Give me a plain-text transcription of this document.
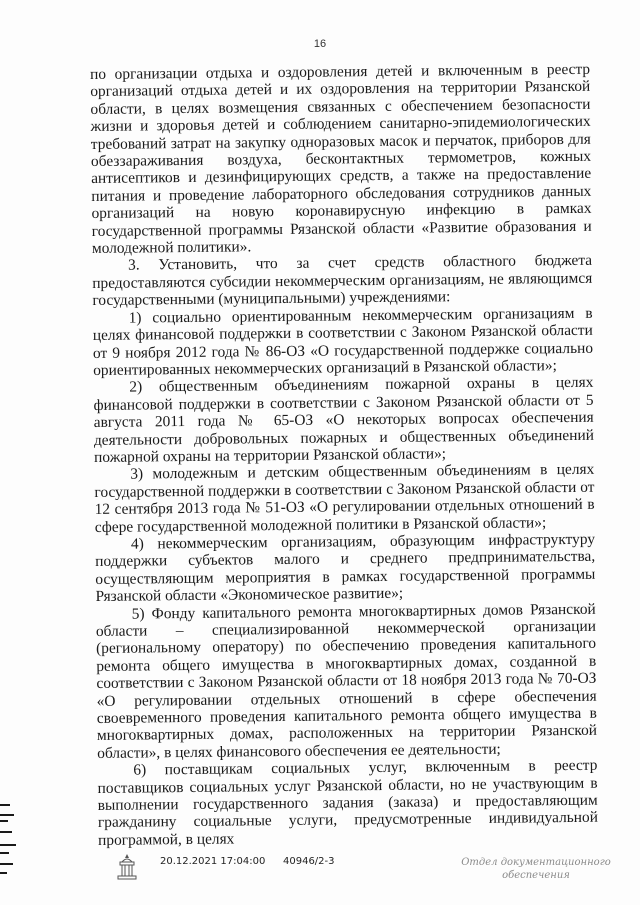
16

по организации отдыха и оздоровления детей и включенным в реестр организаций отдыха детей и их оздоровления на территории Рязанской области, в целях возмещения связанных с обеспечением безопасности жизни и здоровья детей и соблюдением санитарно-эпидемиологических требований затрат на закупку одноразовых масок и перчаток, приборов для обеззараживания воздуха, бесконтактных термометров, кожных антисептиков и дезинфицирующих средств, а также на предоставление питания и проведение лабораторного обследования сотрудников данных организаций на новую коронавирусную инфекцию в рамках государственной программы Рязанской области «Развитие образования и молодежной политики».

3. Установить, что за счет средств областного бюджета предоставляются субсидии некоммерческим организациям, не являющимся государственными (муниципальными) учреждениями:

1) социально ориентированным некоммерческим организациям в целях финансовой поддержки в соответствии с Законом Рязанской области от 9 ноября 2012 года № 86-ОЗ «О государственной поддержке социально ориентированных некоммерческих организаций в Рязанской области»;

2) общественным объединениям пожарной охраны в целях финансовой поддержки в соответствии с Законом Рязанской области от 5 августа 2011 года № 65-ОЗ «О некоторых вопросах обеспечения деятельности добровольных пожарных и общественных объединений пожарной охраны на территории Рязанской области»;

3) молодежным и детским общественным объединениям в целях государственной поддержки в соответствии с Законом Рязанской области от 12 сентября 2013 года № 51-ОЗ «О регулировании отдельных отношений в сфере государственной молодежной политики в Рязанской области»;

4) некоммерческим организациям, образующим инфраструктуру поддержки субъектов малого и среднего предпринимательства, осуществляющим мероприятия в рамках государственной программы Рязанской области «Экономическое развитие»;

5) Фонду капитального ремонта многоквартирных домов Рязанской области – специализированной некоммерческой организации (региональному оператору) по обеспечению проведения капитального ремонта общего имущества в многоквартирных домах, созданной в соответствии с Законом Рязанской области от 18 ноября 2013 года № 70-ОЗ «О регулировании отдельных отношений в сфере обеспечения своевременного проведения капитального ремонта общего имущества в многоквартирных домах, расположенных на территории Рязанской области», в целях финансового обеспечения ее деятельности;

6) поставщикам социальных услуг, включенным в реестр поставщиков социальных услуг Рязанской области, но не участвующим в выполнении государственного задания (заказа) и предоставляющим гражданину социальные услуги, предусмотренные индивидуальной программой, в целях

20.12.2021 17:04:00 40946/2-3	Отдел документационного
обеспечения
